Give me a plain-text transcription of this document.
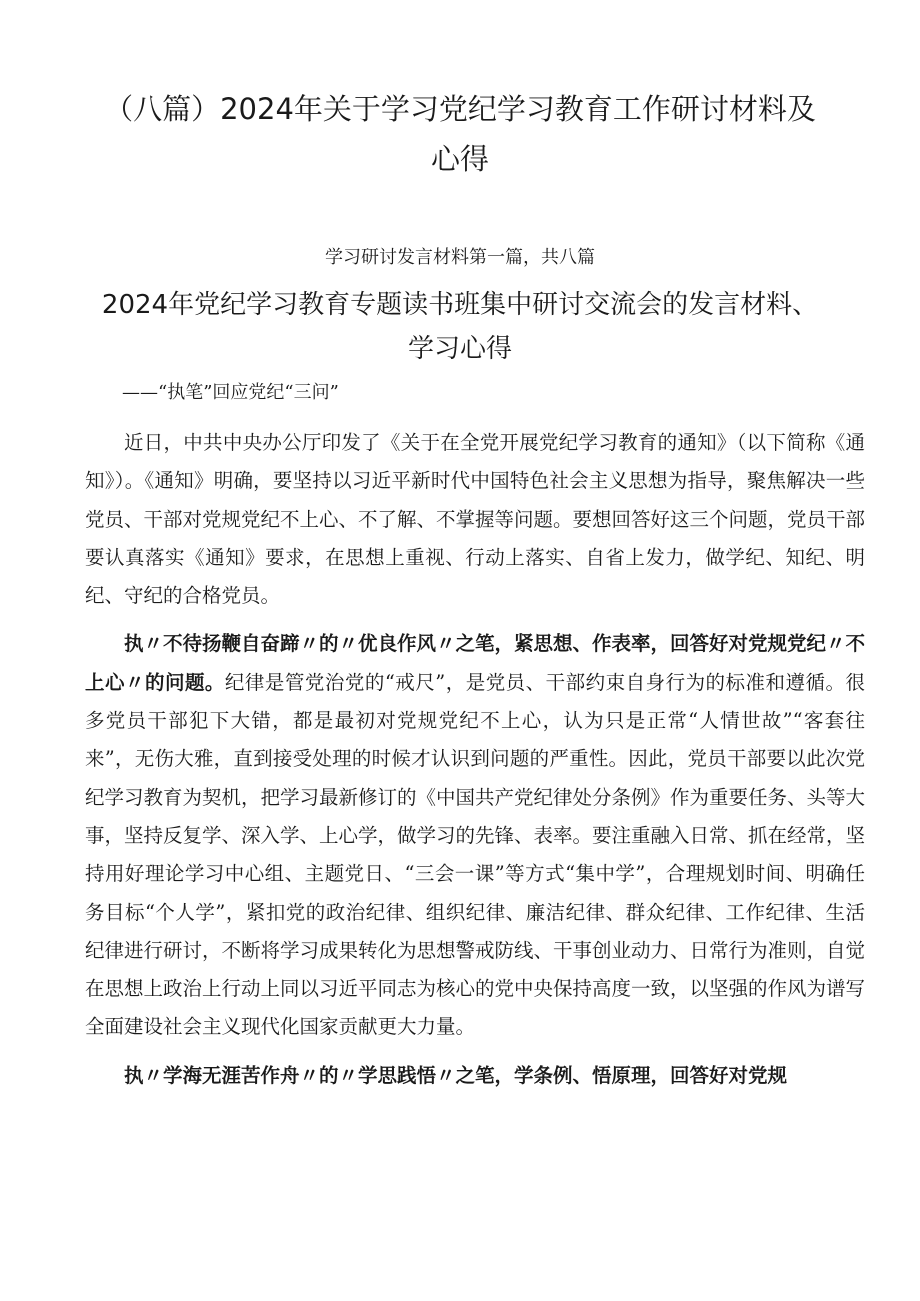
（八篇）2024年关于学习党纪学习教育工作研讨材料及心得
学习研讨发言材料第一篇，共八篇
2024年党纪学习教育专题读书班集中研讨交流会的发言材料、学习心得
——“执笔”回应党纪“三问”

近日，中共中央办公厅印发了《关于在全党开展党纪学习教育的通知》（以下简称《通知》）。《通知》明确，要坚持以习近平新时代中国特色社会主义思想为指导，聚焦解决一些党员、干部对党规党纪不上心、不了解、不掌握等问题。要想回答好这三个问题，党员干部要认真落实《通知》要求，在思想上重视、行动上落实、自省上发力，做学纪、知纪、明纪、守纪的合格党员。

执〃不待扬鞭自奋蹄〃的〃优良作风〃之笔，紧思想、作表率，回答好对党规党纪〃不上心〃的问题。纪律是管党治党的“戒尺”，是党员、干部约束自身行为的标准和遵循。很多党员干部犯下大错，都是最初对党规党纪不上心，认为只是正常“人情世故”“客套往来”，无伤大雅，直到接受处理的时候才认识到问题的严重性。因此，党员干部要以此次党纪学习教育为契机，把学习最新修订的《中国共产党纪律处分条例》作为重要任务、头等大事，坚持反复学、深入学、上心学，做学习的先锋、表率。要注重融入日常、抓在经常，坚持用好理论学习中心组、主题党日、“三会一课”等方式“集中学”，合理规划时间、明确任务目标“个人学”，紧扣党的政治纪律、组织纪律、廉洁纪律、群众纪律、工作纪律、生活纪律进行研讨，不断将学习成果转化为思想警戒防线、干事创业动力、日常行为准则，自觉在思想上政治上行动上同以习近平同志为核心的党中央保持高度一致，以坚强的作风为谱写全面建设社会主义现代化国家贡献更大力量。

执〃学海无涯苦作舟〃的〃学思践悟〃之笔，学条例、悟原理，回答好对党规
